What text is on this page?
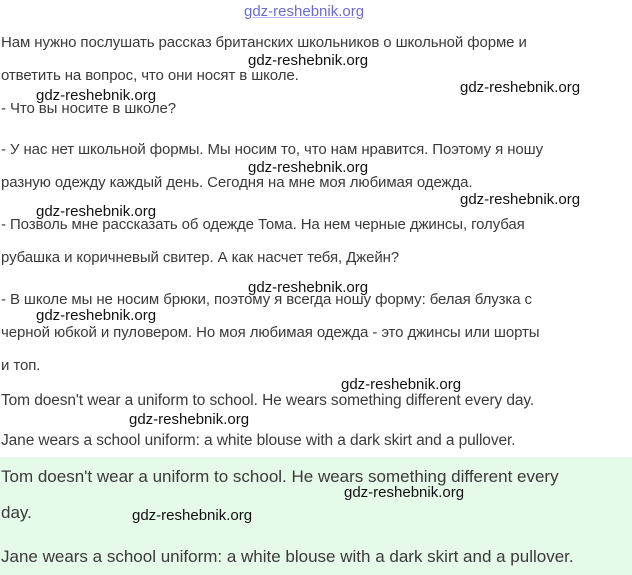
Нам нужно послушать рассказ британских школьников о школьной форме и
ответить на вопрос, что они носят в школе.
- Что вы носите в школе?
- У нас нет школьной формы. Мы носим то, что нам нравится. Поэтому я ношу
разную одежду каждый день. Сегодня на мне моя любимая одежда.
- Позволь мне рассказать об одежде Тома. На нем черные джинсы, голубая
рубашка и коричневый свитер. А как насчет тебя, Джейн?
- В школе мы не носим брюки, поэтому я всегда ношу форму: белая блузка с
черной юбкой и пуловером. Но моя любимая одежда - это джинсы или шорты
и топ.
Tom doesn't wear a uniform to school. He wears something different every day.
Jane wears a school uniform: a white blouse with a dark skirt and a pullover.
Tom doesn't wear a uniform to school. He wears something different every
day.
Jane wears a school uniform: a white blouse with a dark skirt and a pullover.
gdz-reshebnik.org
gdz-reshebnik.org
gdz-reshebnik.org
gdz-reshebnik.org
gdz-reshebnik.org
gdz-reshebnik.org
gdz-reshebnik.org
gdz-reshebnik.org
gdz-reshebnik.org
gdz-reshebnik.org
gdz-reshebnik.org
gdz-reshebnik.org
gdz-reshebnik.org
